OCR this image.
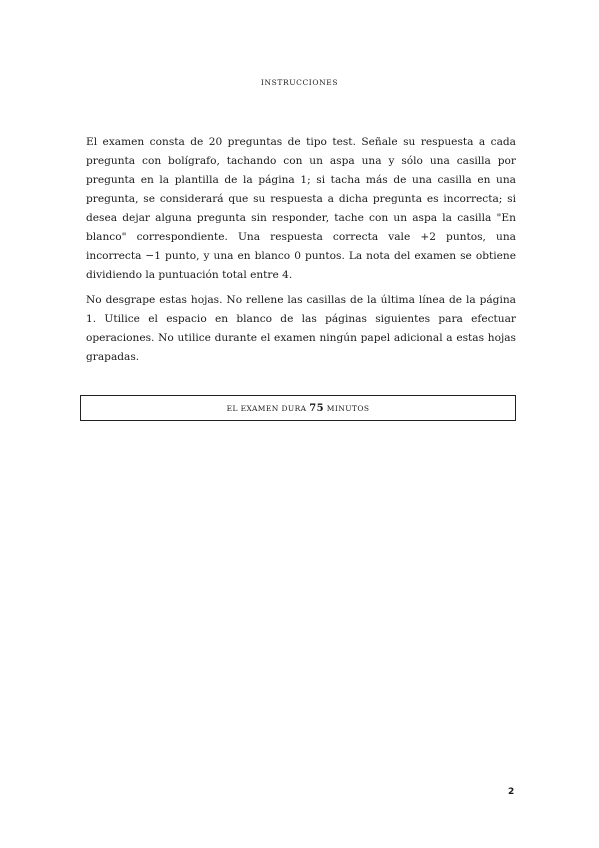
INSTRUCCIONES

El examen consta de 20 preguntas de tipo test. Señale su respuesta a cada pregunta con bolígrafo, tachando con un aspa una y sólo una casilla por pregunta en la plantilla de la página 1; si tacha más de una casilla en una pregunta, se considerará que su respuesta a dicha pregunta es incorrecta; si desea dejar alguna pregunta sin responder, tache con un aspa la casilla "En blanco" correspondiente. Una respuesta correcta vale +2 puntos, una incorrecta −1 punto, y una en blanco 0 puntos. La nota del examen se obtiene dividiendo la puntuación total entre 4.

No desgrape estas hojas. No rellene las casillas de la última línea de la página 1. Utilice el espacio en blanco de las páginas siguientes para efectuar operaciones. No utilice durante el examen ningún papel adicional a estas hojas grapadas.

EL EXAMEN DURA 75 MINUTOS
2
